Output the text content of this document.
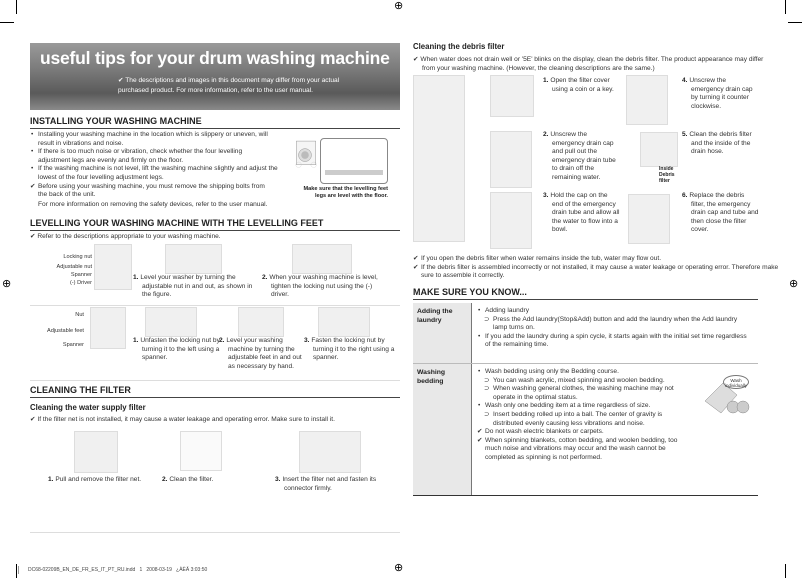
⊕
⊕	⊕
⊕
useful tips for your drum washing machine
✔ The descriptions and images in this document may differ from your actual purchased product. For more information, refer to the user manual.
INSTALLING YOUR WASHING MACHINE
• Installing your washing machine in the location which is slippery or uneven, will result in vibrations and noise.
• If there is too much noise or vibration, check whether the four levelling adjustment legs are evenly and firmly on the floor.
• If the washing machine is not level, lift the washing machine slightly and adjust the lowest of the four levelling adjustment legs.
✔ Before using your washing machine, you must remove the shipping bolts from the back of the unit.
For more information on removing the safety devices, refer to the user manual.
Make sure that the levelling feet legs are level with the floor.
LEVELLING YOUR WASHING MACHINE WITH THE LEVELLING FEET
✔ Refer to the descriptions appropriate to your washing machine.
Locking nut
Adjustable nut
Spanner
(-) Driver
1. Level your washer by turning the adjustable nut in and out, as shown in the figure.
2. When your washing machine is level, tighten the locking nut using the (-) driver.
Nut
Adjustable feet
Spanner
1. Unfasten the locking nut by turning it to the left using a spanner.
2. Level your washing machine by turning the adjustable feet in and out as necessary by hand.
3. Fasten the locking nut by turning it to the right using a spanner.
CLEANING THE FILTER
Cleaning the water supply filter
✔ If the filter net is not installed, it may cause a water leakage and operating error. Make sure to install it.
1. Pull and remove the filter net.	2. Clean the filter.	3. Insert the filter net and fasten its connector firmly.
Cleaning the debris filter
✔ When water does not drain well or '5E' blinks on the display, clean the debris filter. The product appearance may differ from your washing machine. (However, the cleaning descriptions are the same.)
1. Open the filter cover using a coin or a key.
2. Unscrew the emergency drain cap and pull out the emergency drain tube to drain off the remaining water.
3. Hold the cap on the end of the emergency drain tube and allow all the water to flow into a bowl.
4. Unscrew the emergency drain cap by turning it counter clockwise.
5. Clean the debris filter and the inside of the drain hose.
6. Replace the debris filter, the emergency drain cap and tube and then close the filter cover.
Inside
Debris filter
✔ If you open the debris filter when water remains inside the tub, water may flow out.
✔ If the debris filter is assembled incorrectly or not installed, it may cause a water leakage or operating error. Therefore make sure to assemble it correctly.
MAKE SURE YOU KNOW...
Adding the laundry
• Adding laundry
⊃ Press the Add laundry(Stop&Add) button and add the laundry when the Add laundry lamp turns on.
• If you add the laundry during a spin cycle, it starts again with the initial set time regardless of the remaining time.
Washing bedding
• Wash bedding using only the Bedding course.
⊃ You can wash acrylic, mixed spinning and woolen bedding.
⊃ When washing general clothes, the washing machine may not operate in the optimal status.
• Wash only one bedding item at a time regardless of size.
⊃ Insert bedding rolled up into a ball. The center of gravity is distributed evenly causing less vibrations and noise.
✔ Do not wash electric blankets or carpets.
✔ When spinning blankets, cotton bedding, and woolen bedding, too much noise and vibrations may occur and the wash cannot be completed as spinning is not performed.
Wash individually
DC68-02209B_EN_DE_FR_ES_IT_PT_RU.indd   1   2008-03-19   ¿ÀÈÄ 3:03:50
